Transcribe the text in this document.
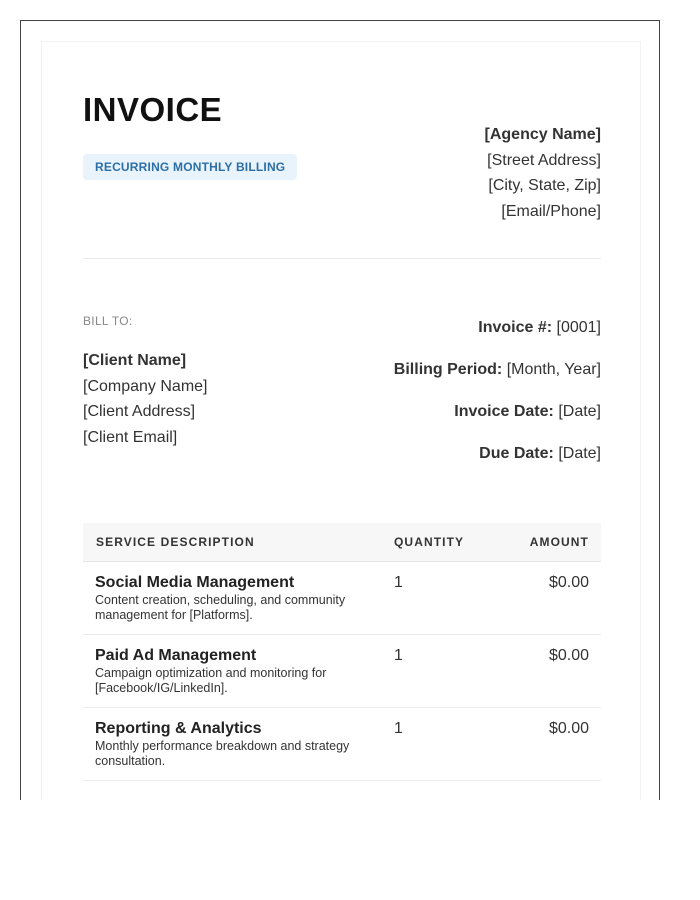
INVOICE
RECURRING MONTHLY BILLING
[Agency Name]
[Street Address]
[City, State, Zip]
[Email/Phone]
BILL TO:
[Client Name]
[Company Name]
[Client Address]
[Client Email]
Invoice #: [0001]
Billing Period: [Month, Year]
Invoice Date: [Date]
Due Date: [Date]
SERVICE DESCRIPTION	QUANTITY	AMOUNT
Social Media Management
Content creation, scheduling, and community management for [Platforms].
1	$0.00
Paid Ad Management
Campaign optimization and monitoring for [Facebook/IG/LinkedIn].
1	$0.00
Reporting & Analytics
Monthly performance breakdown and strategy consultation.
1	$0.00
